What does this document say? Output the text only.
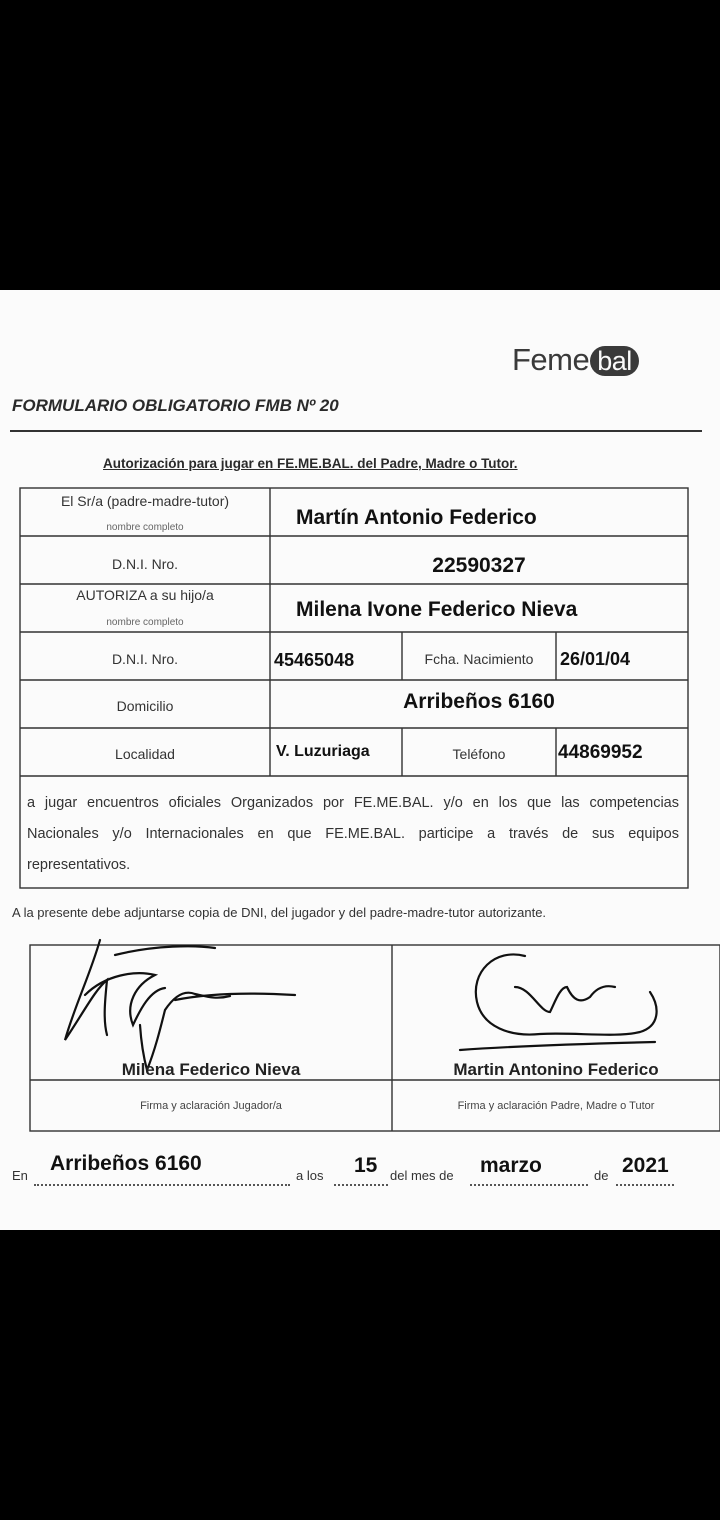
Feme bal
FORMULARIO OBLIGATORIO FMB Nº 20
Autorización para jugar en FE.ME.BAL. del Padre, Madre o Tutor.
El Sr/a (padre-madre-tutor)
nombre completo	Martín Antonio Federico
D.N.I. Nro.	22590327
AUTORIZA a su hijo/a
nombre completo
Milena Ivone Federico Nieva
D.N.I. Nro.	45465048	Fcha. Nacimiento	26/01/04
Domicilio	Arribeños 6160
Localidad	V. Luzuriaga	Teléfono	44869952
a jugar encuentros oficiales Organizados por FE.ME.BAL. y/o en los que las competencias Nacionales y/o Internacionales en que FE.ME.BAL. participe a través de sus equipos representativos.
A la presente debe adjuntarse copia de DNI, del jugador y del padre-madre-tutor autorizante.
Milena Federico Nieva	Martin Antonino Federico
Firma y aclaración Jugador/a	Firma y aclaración Padre, Madre o Tutor
En
Arribeños 6160
a los 15 del mes de marzo	de 2021
